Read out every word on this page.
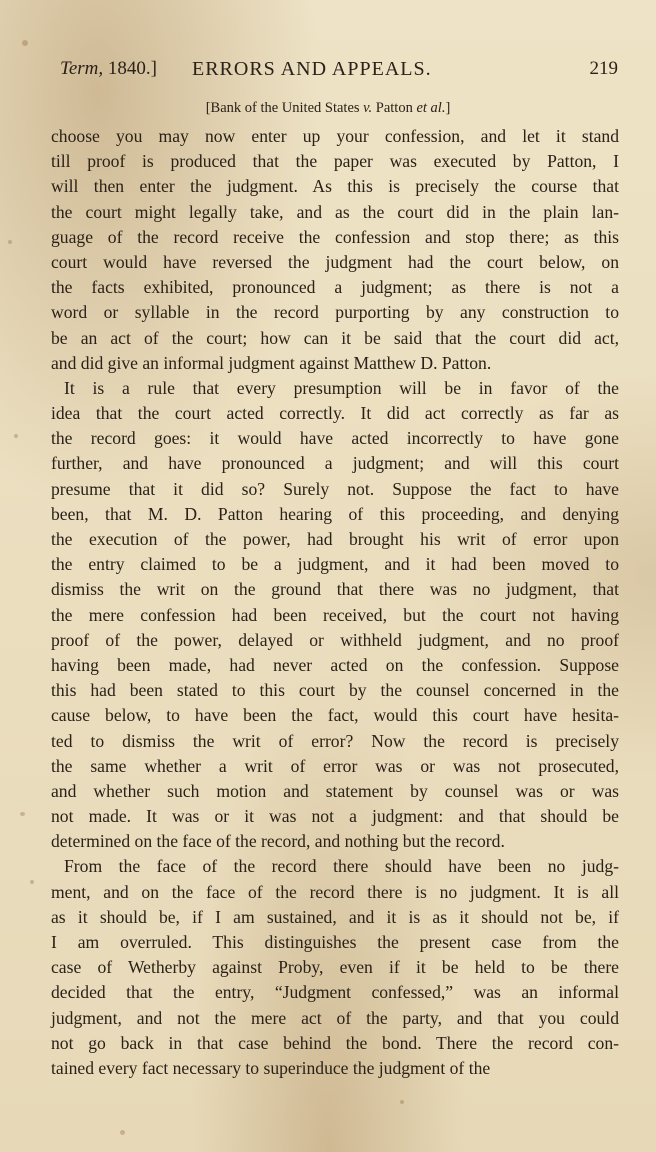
Term, 1840.] ERRORS AND APPEALS.	219
[Bank of the United States v. Patton et al.]
choose you may now enter up your confession, and let it stand
till proof is produced that the paper was executed by Patton, I
will then enter the judgment. As this is precisely the course that
the court might legally take, and as the court did in the plain lan-
guage of the record receive the confession and stop there; as this
court would have reversed the judgment had the court below, on
the facts exhibited, pronounced a judgment; as there is not a
word or syllable in the record purporting by any construction to
be an act of the court; how can it be said that the court did act,
and did give an informal judgment against Matthew D. Patton.
It is a rule that every presumption will be in favor of the
idea that the court acted correctly. It did act correctly as far as
the record goes: it would have acted incorrectly to have gone
further, and have pronounced a judgment; and will this court
presume that it did so? Surely not. Suppose the fact to have
been, that M. D. Patton hearing of this proceeding, and denying
the execution of the power, had brought his writ of error upon
the entry claimed to be a judgment, and it had been moved to
dismiss the writ on the ground that there was no judgment, that
the mere confession had been received, but the court not having
proof of the power, delayed or withheld judgment, and no proof
having been made, had never acted on the confession. Suppose
this had been stated to this court by the counsel concerned in the
cause below, to have been the fact, would this court have hesita-
ted to dismiss the writ of error? Now the record is precisely
the same whether a writ of error was or was not prosecuted,
and whether such motion and statement by counsel was or was
not made. It was or it was not a judgment: and that should be
determined on the face of the record, and nothing but the record.
From the face of the record there should have been no judg-
ment, and on the face of the record there is no judgment. It is all
as it should be, if I am sustained, and it is as it should not be, if
I am overruled. This distinguishes the present case from the
case of Wetherby against Proby, even if it be held to be there
decided that the entry, “Judgment confessed,” was an informal
judgment, and not the mere act of the party, and that you could
not go back in that case behind the bond. There the record con-
tained every fact necessary to superinduce the judgment of the
